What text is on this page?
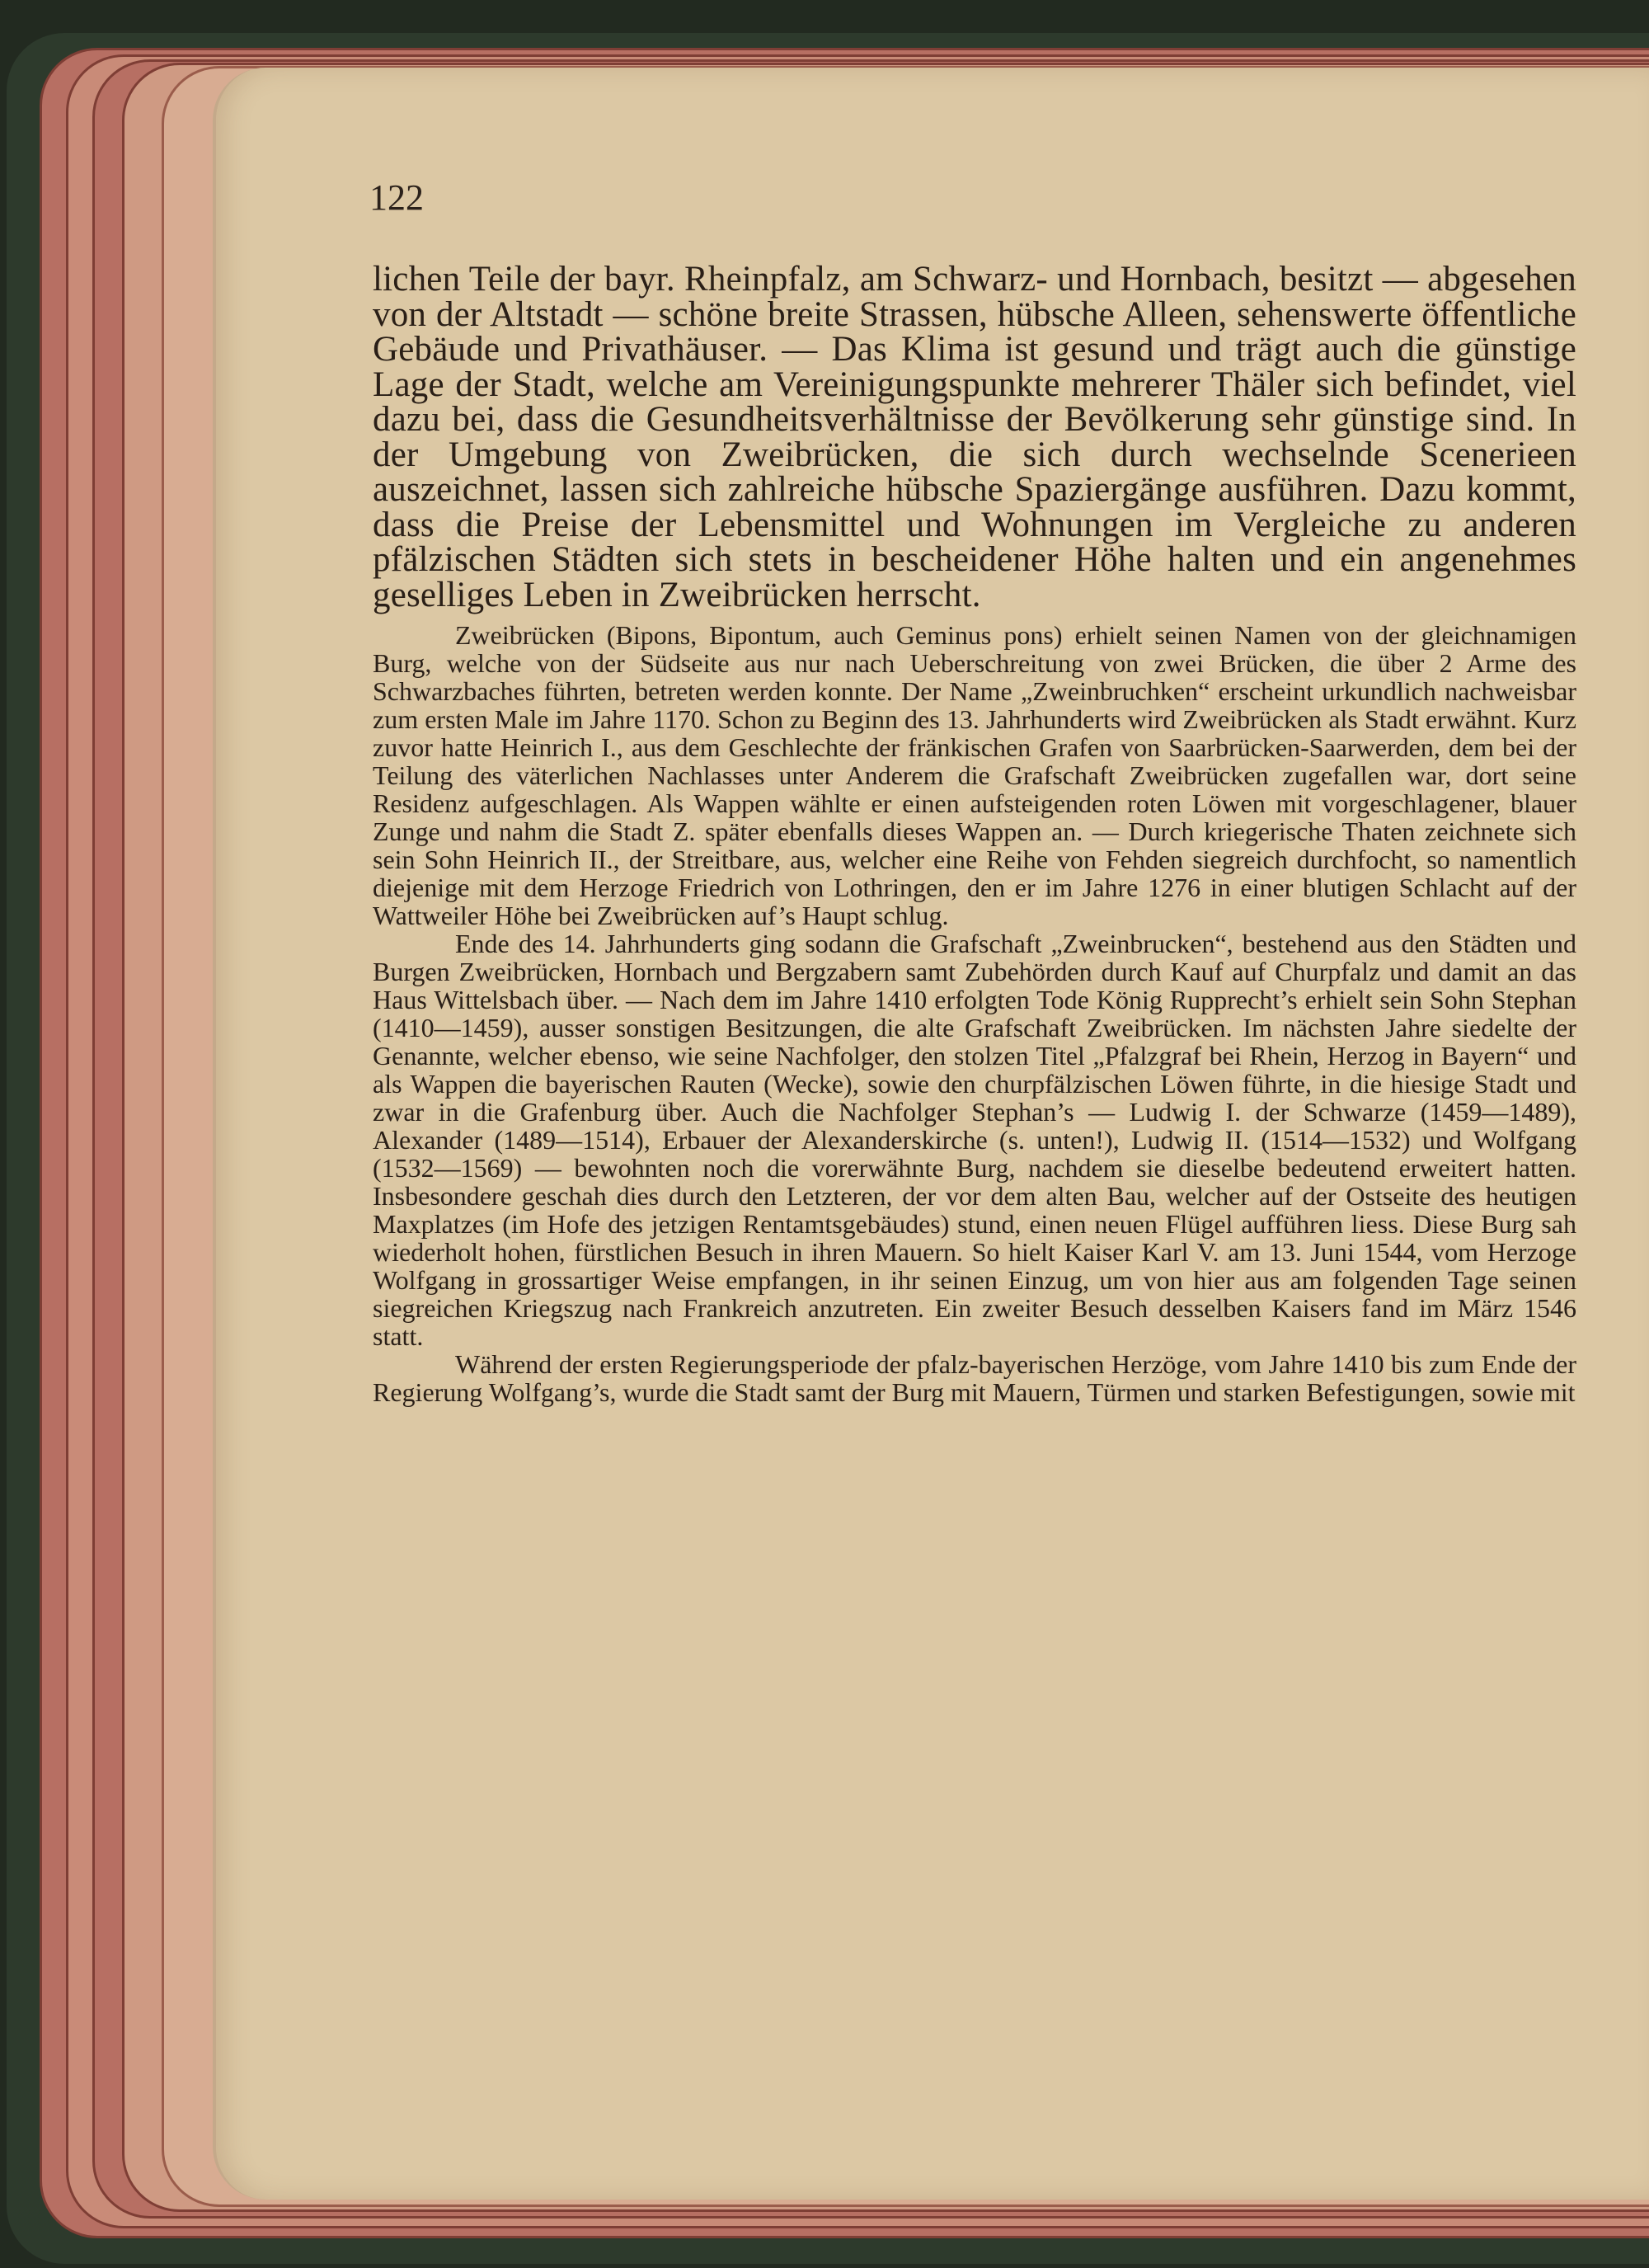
122

lichen Teile der bayr. Rheinpfalz, am Schwarz- und Hornbach, besitzt — abgesehen von der Altstadt — schöne breite Strassen, hübsche Alleen, sehenswerte öffentliche Gebäude und Privathäuser. — Das Klima ist gesund und trägt auch die günstige Lage der Stadt, welche am Vereinigungspunkte mehrerer Thäler sich befindet, viel dazu bei, dass die Gesundheitsverhältnisse der Bevölkerung sehr günstige sind. In der Umgebung von Zweibrücken, die sich durch wechselnde Scenerieen auszeichnet, lassen sich zahlreiche hübsche Spaziergänge ausführen. Dazu kommt, dass die Preise der Lebensmittel und Wohnungen im Vergleiche zu anderen pfälzischen Städten sich stets in bescheidener Höhe halten und ein angenehmes geselliges Leben in Zweibrücken herrscht.

Zweibrücken (Bipons, Bipontum, auch Geminus pons) erhielt seinen Namen von der gleichnamigen Burg, welche von der Südseite aus nur nach Ueberschreitung von zwei Brücken, die über 2 Arme des Schwarzbaches führten, betreten werden konnte. Der Name „Zweinbruchken“ erscheint urkundlich nachweisbar zum ersten Male im Jahre 1170. Schon zu Beginn des 13. Jahrhunderts wird Zweibrücken als Stadt erwähnt. Kurz zuvor hatte Heinrich I., aus dem Geschlechte der fränkischen Grafen von Saarbrücken-Saarwerden, dem bei der Teilung des väterlichen Nachlasses unter Anderem die Grafschaft Zweibrücken zugefallen war, dort seine Residenz aufgeschlagen. Als Wappen wählte er einen aufsteigenden roten Löwen mit vorgeschlagener, blauer Zunge und nahm die Stadt Z. später ebenfalls dieses Wappen an. — Durch kriegerische Thaten zeichnete sich sein Sohn Heinrich II., der Streitbare, aus, welcher eine Reihe von Fehden siegreich durchfocht, so namentlich diejenige mit dem Herzoge Friedrich von Lothringen, den er im Jahre 1276 in einer blutigen Schlacht auf der Wattweiler Höhe bei Zweibrücken auf’s Haupt schlug.

Ende des 14. Jahrhunderts ging sodann die Grafschaft „Zweinbrucken“, bestehend aus den Städten und Burgen Zweibrücken, Hornbach und Bergzabern samt Zubehörden durch Kauf auf Churpfalz und damit an das Haus Wittelsbach über. — Nach dem im Jahre 1410 erfolgten Tode König Rupprecht’s erhielt sein Sohn Stephan (1410—1459), ausser sonstigen Besitzungen, die alte Grafschaft Zweibrücken. Im nächsten Jahre siedelte der Genannte, welcher ebenso, wie seine Nachfolger, den stolzen Titel „Pfalzgraf bei Rhein, Herzog in Bayern“ und als Wappen die bayerischen Rauten (Wecke), sowie den churpfälzischen Löwen führte, in die hiesige Stadt und zwar in die Grafenburg über. Auch die Nachfolger Stephan’s — Ludwig I. der Schwarze (1459—1489), Alexander (1489—1514), Erbauer der Alexanderskirche (s. unten!), Ludwig II. (1514—1532) und Wolfgang (1532—1569) — bewohnten noch die vorerwähnte Burg, nachdem sie dieselbe bedeutend erweitert hatten. Insbesondere geschah dies durch den Letzteren, der vor dem alten Bau, welcher auf der Ostseite des heutigen Maxplatzes (im Hofe des jetzigen Rentamtsgebäudes) stund, einen neuen Flügel aufführen liess. Diese Burg sah wiederholt hohen, fürstlichen Besuch in ihren Mauern. So hielt Kaiser Karl V. am 13. Juni 1544, vom Herzoge Wolfgang in grossartiger Weise empfangen, in ihr seinen Einzug, um von hier aus am folgenden Tage seinen siegreichen Kriegszug nach Frankreich anzutreten. Ein zweiter Besuch desselben Kaisers fand im März 1546 statt.

Während der ersten Regierungsperiode der pfalz-bayerischen Herzöge, vom Jahre 1410 bis zum Ende der Regierung Wolfgang’s, wurde die Stadt samt der Burg mit Mauern, Türmen und starken Befestigungen, sowie mit
